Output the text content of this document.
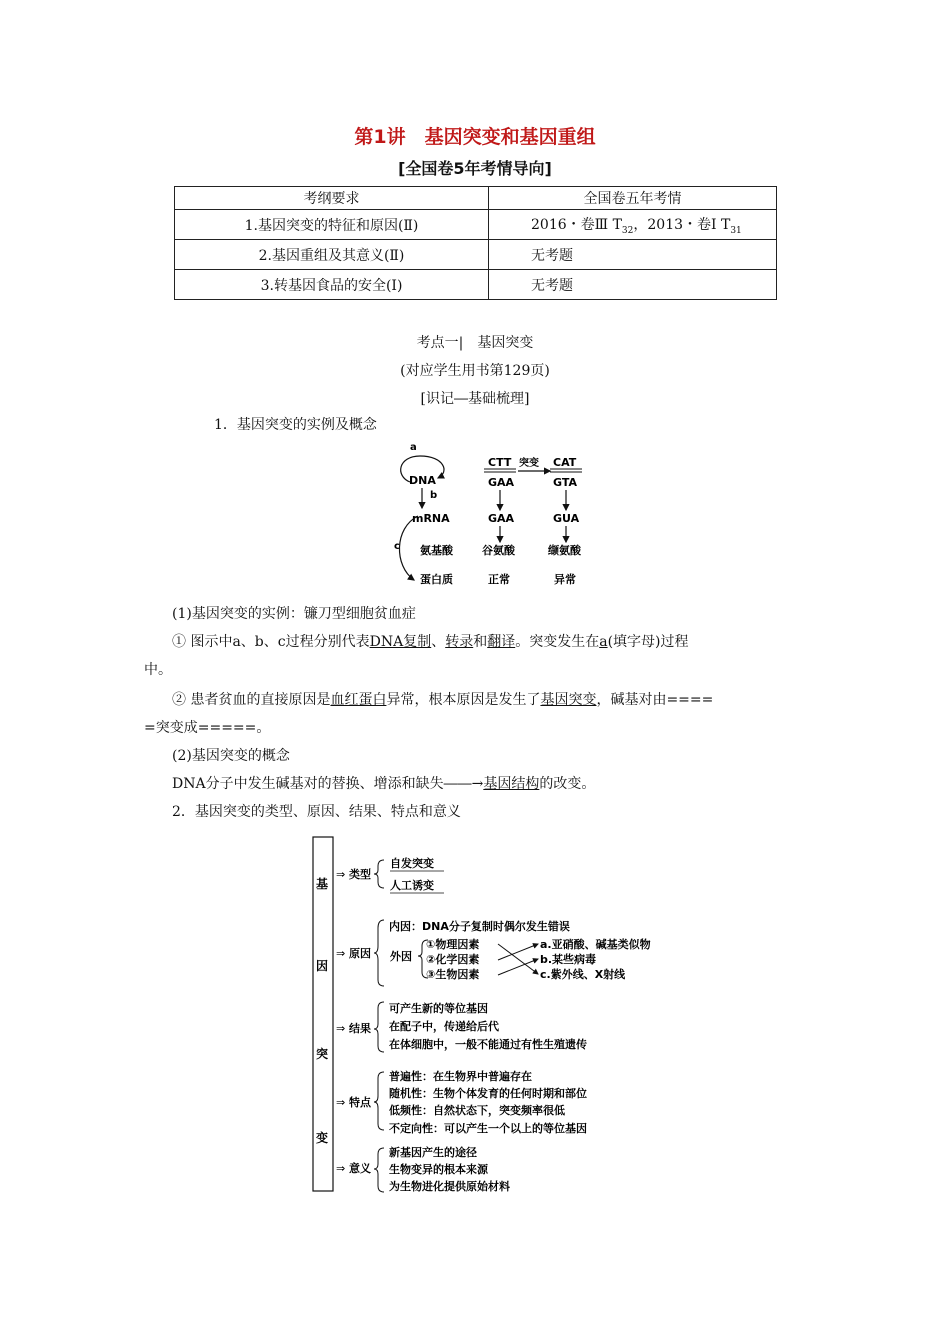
第1讲　基因突变和基因重组
[全国卷5年考情导向]
考纲要求	全国卷五年考情
1.基因突变的特征和原因(Ⅱ)	2016・卷Ⅲ $T_{32}$，2013・卷Ⅰ $T_{31}$
2.基因重组及其意义(Ⅱ)	无考题
3.转基因食品的安全(Ⅰ)	无考题
考点一|　基因突变
(对应学生用书第129页)
[识记―基础梳理]
1．基因突变的实例及概念
a
DNA
b
mRNA
氨基酸
蛋白质
c
CTT
GAA
突变 CAT
GTA
GAA	GUA
谷氨酸	缬氨酸
正常	异常
(1)基因突变的实例：镰刀型细胞贫血症
① 图示中a、b、c过程分别代表DNA复制、转录和翻译。突变发生在a(填字母)过程
中。
② 患者贫血的直接原因是血红蛋白异常，根本原因是发生了基因突变，碱基对由====
=突变成=====。
(2)基因突变的概念
DNA分子中发生碱基对的替换、增添和缺失――→基因结构的改变。
2．基因突变的类型、原因、结果、特点和意义
基
因
突
变
⇒ 类型
自发突变
人工诱变
⇒ 原因
内因：DNA分子复制时偶尔发生错误
外因
①物理因素
②化学因素
③生物因素
a.亚硝酸、碱基类似物
b.某些病毒
c.紫外线、X射线
⇒ 结果
可产生新的等位基因
在配子中，传递给后代
在体细胞中，一般不能通过有性生殖遗传
⇒ 特点
普遍性：在生物界中普遍存在
随机性：生物个体发育的任何时期和部位
低频性：自然状态下，突变频率很低
不定向性：可以产生一个以上的等位基因
⇒ 意义
新基因产生的途径
生物变异的根本来源
为生物进化提供原始材料
